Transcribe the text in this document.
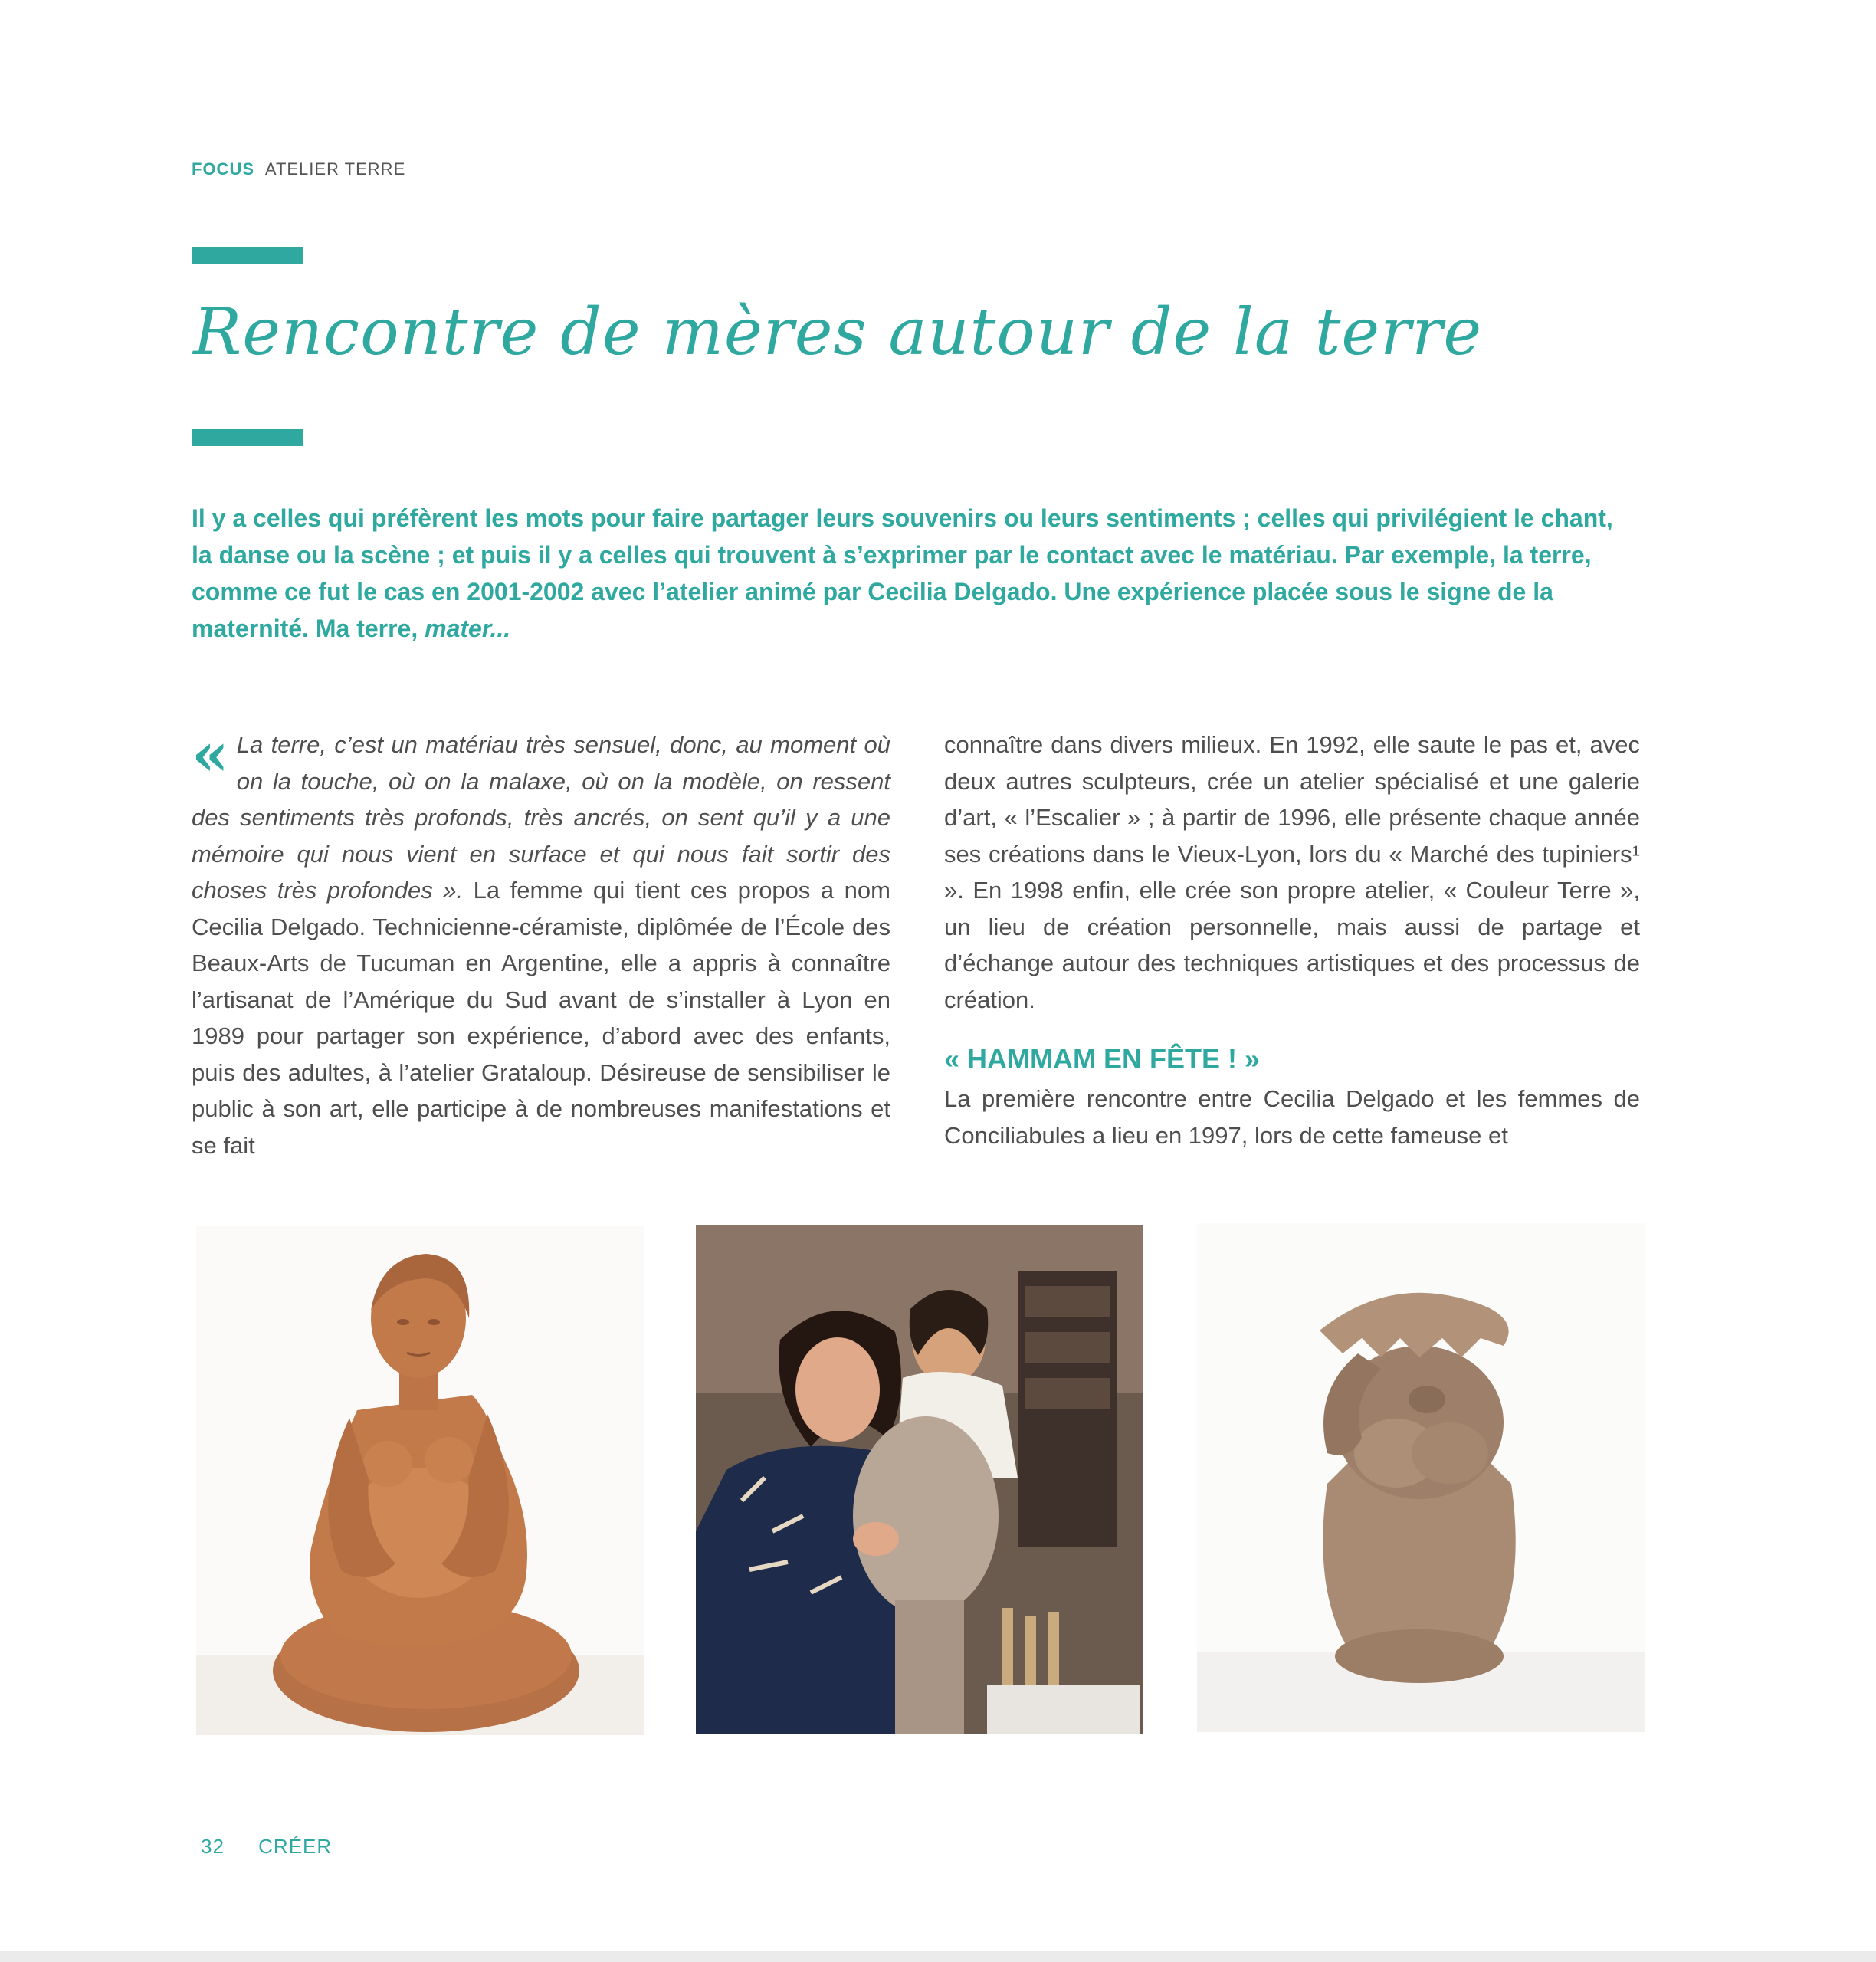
FOCUS ATELIER TERRE
Rencontre de mères autour de la terre
Il y a celles qui préfèrent les mots pour faire partager leurs souvenirs ou leurs sentiments ; celles qui privilégient le chant, la danse ou la scène ; et puis il y a celles qui trouvent à s’exprimer par le contact avec le matériau. Par exemple, la terre, comme ce fut le cas en 2001-2002 avec l’atelier animé par Cecilia Delgado. Une expérience placée sous le signe de la maternité. Ma terre, mater...

« La terre, c’est un matériau très sensuel, donc, au moment où on la touche, où on la malaxe, où on la modèle, on ressent des sentiments très profonds, très ancrés, on sent qu’il y a une mémoire qui nous vient en surface et qui nous fait sortir des choses très profondes ». La femme qui tient ces propos a nom Cecilia Delgado. Technicienne-céramiste, diplômée de l’École des Beaux-Arts de Tucuman en Argentine, elle a appris à connaître l’artisanat de l’Amérique du Sud avant de s’installer à Lyon en 1989 pour partager son expérience, d’abord avec des enfants, puis des adultes, à l’atelier Grataloup. Désireuse de sensibiliser le public à son art, elle participe à de nombreuses manifestations et se fait

connaître dans divers milieux. En 1992, elle saute le pas et, avec deux autres sculpteurs, crée un atelier spécialisé et une galerie d’art, « l’Escalier » ; à partir de 1996, elle présente chaque année ses créations dans le Vieux-Lyon, lors du « Marché des tupiniers¹ ». En 1998 enfin, elle crée son propre atelier, « Couleur Terre », un lieu de création personnelle, mais aussi de partage et d’échange autour des techniques artistiques et des processus de création.

« HAMMAM EN FÊTE ! »

La première rencontre entre Cecilia Delgado et les femmes de Conciliabules a lieu en 1997, lors de cette fameuse et

32 CRÉER
